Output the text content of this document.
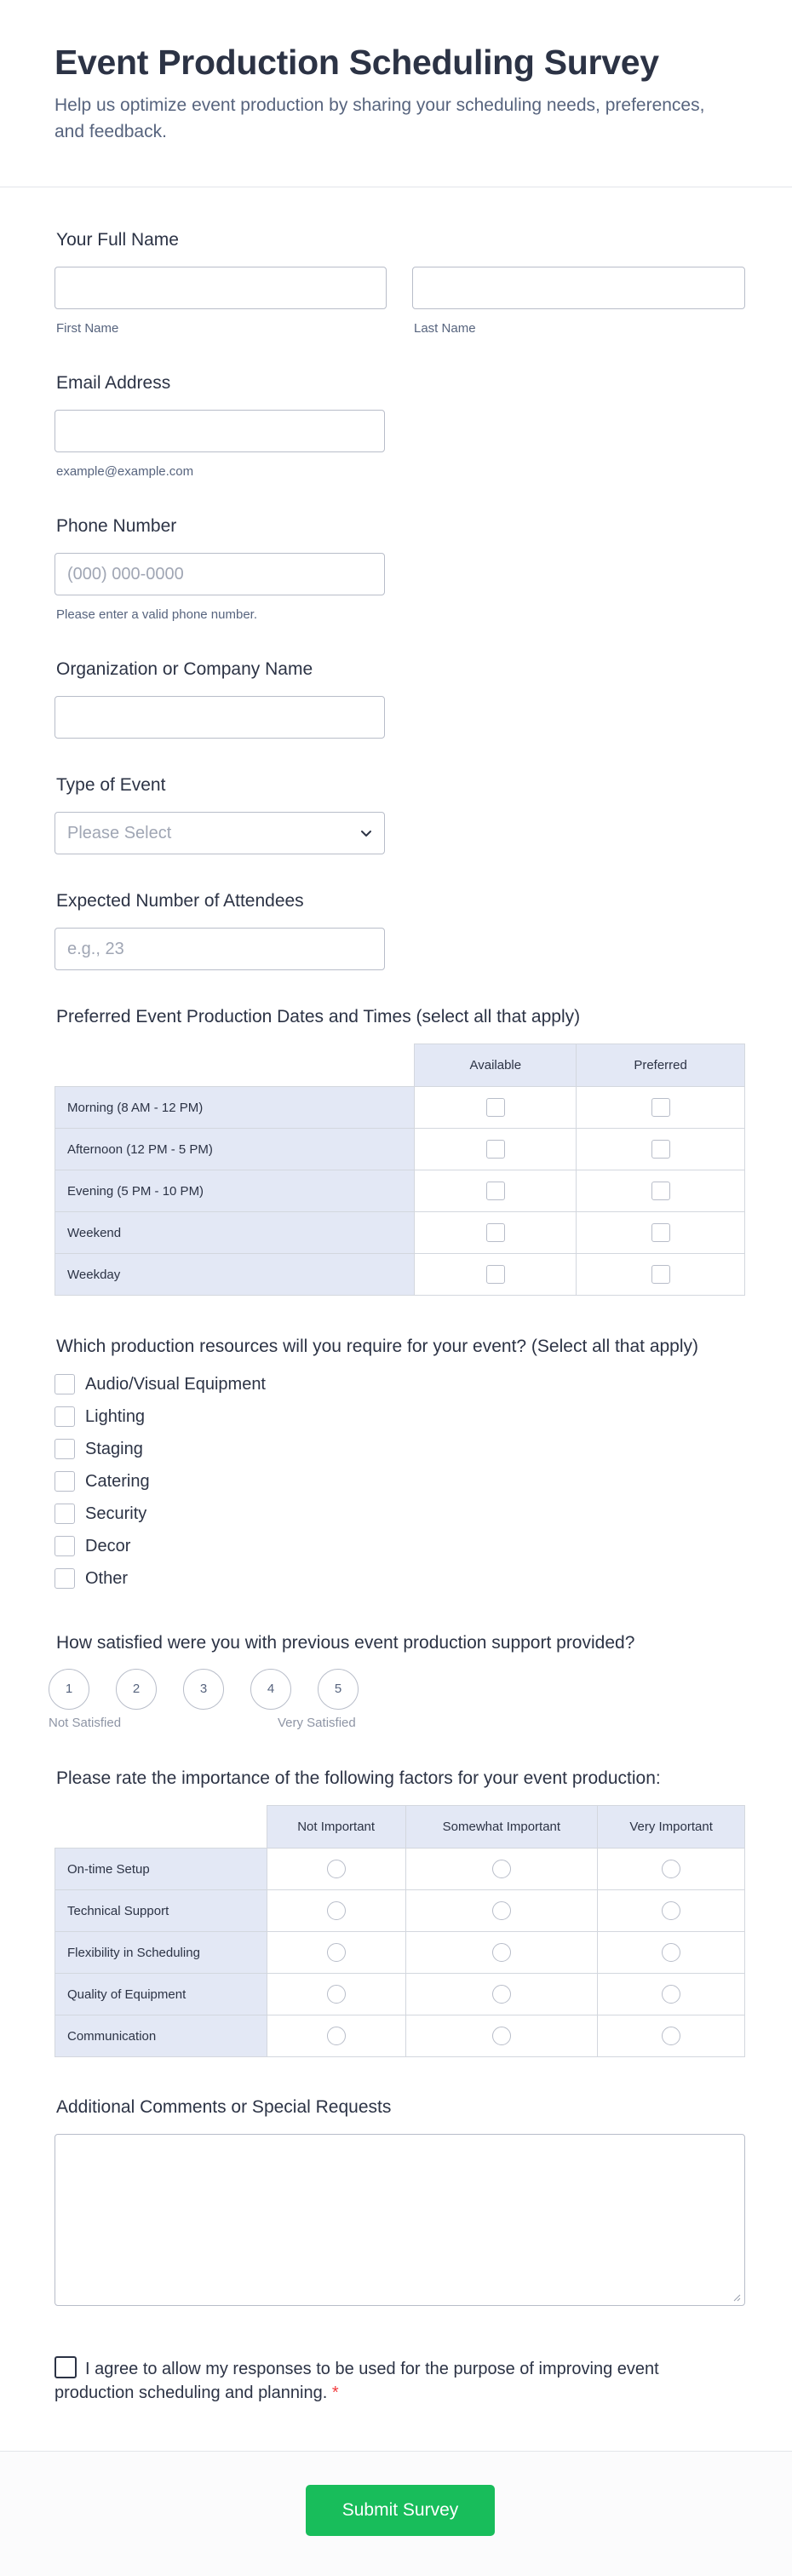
Event Production Scheduling Survey
Help us optimize event production by sharing your scheduling needs, preferences, and feedback.
Your Full Name
First Name	Last Name
Email Address
example@example.com
Phone Number
(000) 000-0000
Please enter a valid phone number.
Organization or Company Name
Type of Event
Please Select
Expected Number of Attendees
e.g., 23
Preferred Event Production Dates and Times (select all that apply)
	Available	Preferred
Morning (8 AM - 12 PM)		
Afternoon (12 PM - 5 PM)		
Evening (5 PM - 10 PM)		
Weekend		
Weekday		
Which production resources will you require for your event? (Select all that apply)
Audio/Visual Equipment
Lighting
Staging
Catering
Security
Decor
Other
How satisfied were you with previous event production support provided?
1	2	3	4	5
Not Satisfied	Very Satisfied
Please rate the importance of the following factors for your event production:
	Not Important	Somewhat Important	Very Important
On-time Setup			
Technical Support			
Flexibility in Scheduling			
Quality of Equipment			
Communication			
Additional Comments or Special Requests
I agree to allow my responses to be used for the purpose of improving event production scheduling and planning. *
Submit Survey
